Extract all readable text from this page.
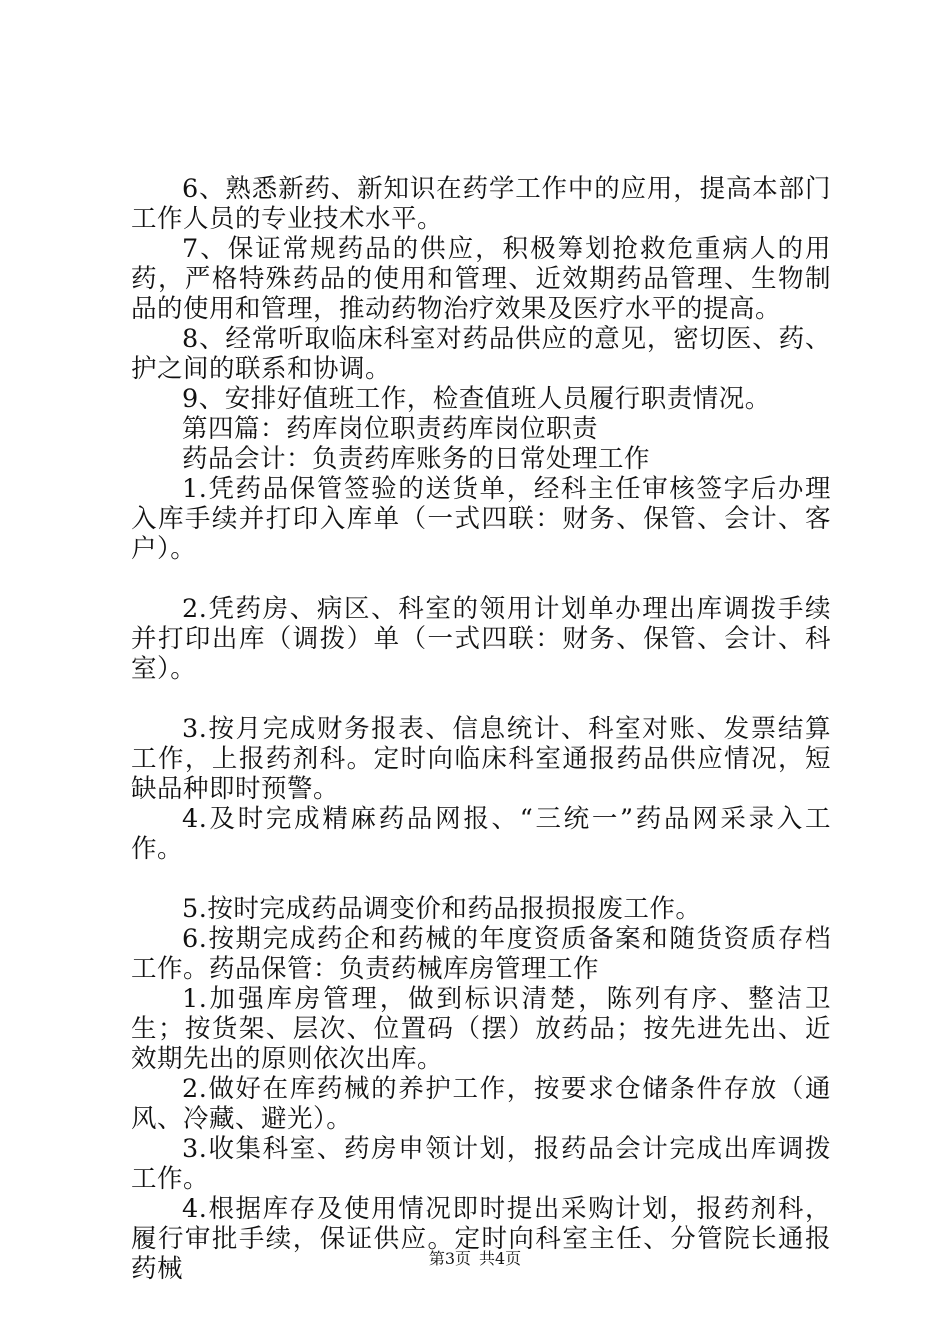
6、熟悉新药、新知识在药学工作中的应用，提高本部门工作人员的专业技术水平。

7、保证常规药品的供应，积极筹划抢救危重病人的用药，严格特殊药品的使用和管理、近效期药品管理、生物制品的使用和管理，推动药物治疗效果及医疗水平的提高。

8、经常听取临床科室对药品供应的意见，密切医、药、护之间的联系和协调。

9、安排好值班工作，检查值班人员履行职责情况。

第四篇：药库岗位职责药库岗位职责

药品会计：负责药库账务的日常处理工作

1.凭药品保管签验的送货单，经科主任审核签字后办理入库手续并打印入库单（一式四联：财务、保管、会计、客户）。

2.凭药房、病区、科室的领用计划单办理出库调拨手续并打印出库（调拨）单（一式四联：财务、保管、会计、科室）。

3.按月完成财务报表、信息统计、科室对账、发票结算工作，上报药剂科。定时向临床科室通报药品供应情况，短缺品种即时预警。

4.及时完成精麻药品网报、“三统一”药品网采录入工作。

5.按时完成药品调变价和药品报损报废工作。

6.按期完成药企和药械的年度资质备案和随货资质存档工作。药品保管：负责药械库房管理工作

1.加强库房管理，做到标识清楚，陈列有序、整洁卫生；按货架、层次、位置码（摆）放药品；按先进先出、近效期先出的原则依次出库。

2.做好在库药械的养护工作，按要求仓储条件存放（通风、冷藏、避光）。

3.收集科室、药房申领计划，报药品会计完成出库调拨工作。

4.根据库存及使用情况即时提出采购计划，报药剂科，履行审批手续，保证供应。定时向科室主任、分管院长通报药械	第3页 共4页
